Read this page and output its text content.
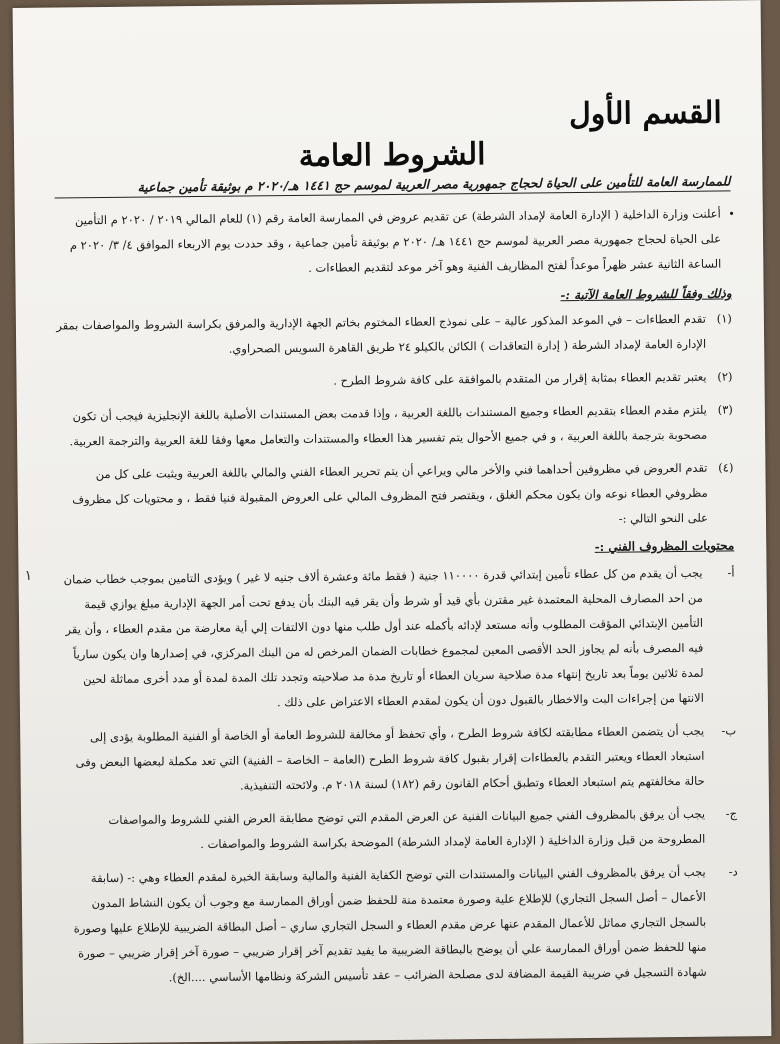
١
القسم الأول
الشروط العامة
للممارسة العامة للتأمين على الحياة لحجاج جمهورية مصر العربية لموسم حج ١٤٤١ هـ/٢٠٢٠ م بوثيقة تأمين جماعية
•

أعلنت وزارة الداخلية ( الإدارة العامة لإمداد الشرطة) عن تقديم عروض في الممارسة العامة رقم (١) للعام المالي ٢٠١٩ / ٢٠٢٠ م التأمين على الحياة لحجاج جمهورية مصر العربية لموسم حج ١٤٤١ هـ/ ٢٠٢٠ م بوثيقة تأمين جماعية ، وقد حددت يوم الاربعاء الموافق ٤/ ٣/ ٢٠٢٠ م الساعة الثانية عشر ظهراً موعداً لفتح المظاريف الفنية وهو آخر موعد لتقديم العطاءات .

وذلك وفقاً للشروط العامة الآتية :-
(١)
تقدم العطاءات – في الموعد المذكور عالية – على نموذج العطاء المختوم بخاتم الجهة الإدارية والمرفق بكراسة الشروط والمواصفات بمقر الإدارة العامة لإمداد الشرطة ( إدارة التعاقدات ) الكائن بالكيلو ٢٤ طريق القاهرة السويس الصحراوي.
(٢)
يعتبر تقديم العطاء بمثابة إقرار من المتقدم بالموافقة على كافة شروط الطرح .
(٣)
يلتزم مقدم العطاء بتقديم العطاء وجميع المستندات باللغة العربية ، وإذا قدمت بعض المستندات الأصلية باللغة الإنجليزية فيجب أن تكون مصحوبة بترجمة باللغة العربية ، و في جميع الأحوال يتم تفسير هذا العطاء والمستندات والتعامل معها وفقا للغة العربية والترجمة العربية.
(٤)
تقدم العروض في مظروفين أحداهما فني والأخر مالي ويراعي أن يتم تحرير العطاء الفني والمالي باللغة العربية ويثبت على كل من مظروفي العطاء نوعه وان يكون محكم الغلق ، ويقتصر فتح المظروف المالي على العروض المقبولة فنيا فقط ، و محتويات كل مظروف على النحو التالي :-
محتويات المظروف الفني :-
أ-
يجب أن يقدم من كل عطاء تأمين إبتدائي قدرة ١١٠٠٠٠ جنية ( فقط مائة وعشرة ألاف جنيه لا غير ) ويؤدى التامين بموجب خطاب ضمان من احد المصارف المحلية المعتمدة غير مقترن بأي قيد أو شرط وأن يقر فيه البنك بأن يدفع تحت أمر الجهة الإدارية مبلغ يوازي قيمة التأمين الإبتدائي المؤقت المطلوب وأنه مستعد لإدائه بأكمله عند أول طلب منها دون الالتفات إلي أية معارضة من مقدم العطاء ، وأن يقر فيه المصرف بأنه لم يجاوز الحد الأقصى المعين لمجموع خطابات الضمان المرخص له من البنك المركزي، في إصدارها وان يكون سارياً لمدة ثلاثين يوماً بعد تاريخ إنتهاء مدة صلاحية سريان العطاء أو تاريخ مدة مد صلاحيته وتجدد تلك المدة لمدة أو مدد أخرى مماثلة لحين الانتها من إجراءات البت والاخطار بالقبول دون أن يكون لمقدم العطاء الاعتراض على ذلك .
ب-
يجب أن يتضمن العطاء مطابقته لكافة شروط الطرح ، وأي تحفظ أو مخالفة للشروط العامة أو الخاصة أو الفنية المطلوبة يؤدى إلى استبعاد العطاء ويعتبر التقدم بالعطاءات إقرار بقبول كافة شروط الطرح (العامة – الخاصة – الفنية) التي تعد مكملة لبعضها البعض وفى حالة مخالفتهم يتم استبعاد العطاء وتطبق أحكام القانون رقم (١٨٢) لسنة ٢٠١٨ م. ولائحته التنفيذية.
ج-
يجب أن يرفق بالمظروف الفني جميع البيانات الفنية عن العرض المقدم التي توضح مطابقة العرض الفني للشروط والمواصفات المطروحة من قبل وزارة الداخلية ( الإدارة العامة لإمداد الشرطة) الموضحة بكراسة الشروط والمواصفات .
د-
يجب أن يرفق بالمظروف الفني البيانات والمستندات التي توضح الكفاية الفنية والمالية وسابقة الخبرة لمقدم العطاء وهي :- (سابقة الأعمال – أصل السجل التجاري) للإطلاع علية وصورة معتمدة منة للحفظ ضمن أوراق الممارسة مع وجوب أن يكون النشاط المدون بالسجل التجاري مماثل للأعمال المقدم عنها عرض مقدم العطاء و السجل التجاري ساري – أصل البطاقة الضريبية للإطلاع عليها وصورة منها للحفظ ضمن أوراق الممارسة علي أن يوضح بالبطاقة الضريبية ما يفيد تقديم آخر إقرار ضريبي – صورة آخر إقرار ضريبي – صورة شهادة التسجيل في ضريبة القيمة المضافة لدى مصلحة الضرائب – عقد تأسيس الشركة ونظامها الأساسي ....الخ).
